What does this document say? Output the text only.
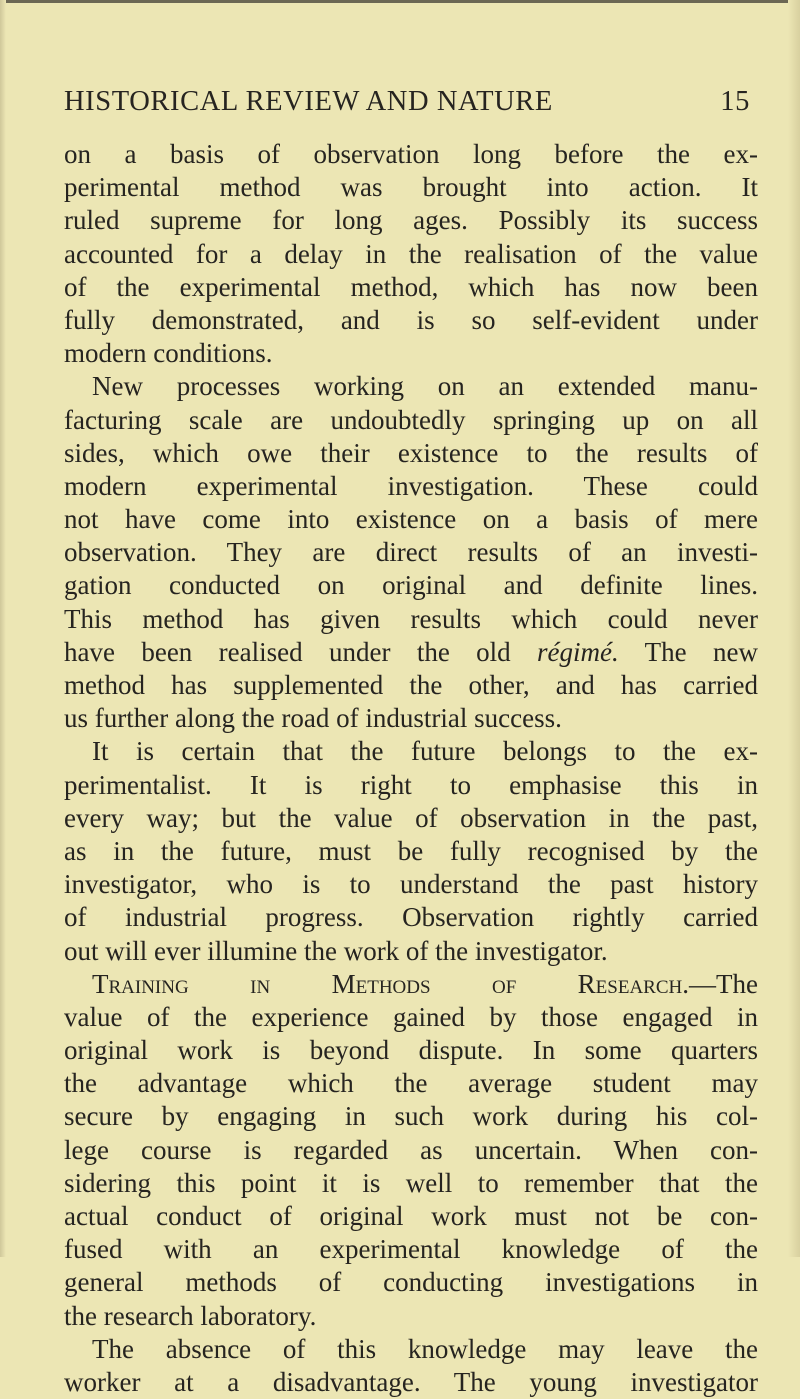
HISTORICAL REVIEW AND NATURE	15
on a basis of observation long before the ex-
perimental method was brought into action. It
ruled supreme for long ages. Possibly its success
accounted for a delay in the realisation of the value
of the experimental method, which has now been
fully demonstrated, and is so self-evident under
modern conditions.
New processes working on an extended manu-
facturing scale are undoubtedly springing up on all
sides, which owe their existence to the results of
modern experimental investigation. These could
not have come into existence on a basis of mere
observation. They are direct results of an investi-
gation conducted on original and definite lines.
This method has given results which could never
have been realised under the old régimé. The new
method has supplemented the other, and has carried
us further along the road of industrial success.
It is certain that the future belongs to the ex-
perimentalist. It is right to emphasise this in
every way; but the value of observation in the past,
as in the future, must be fully recognised by the
investigator, who is to understand the past history
of industrial progress. Observation rightly carried
out will ever illumine the work of the investigator.
Training in Methods of Research.—The
value of the experience gained by those engaged in
original work is beyond dispute. In some quarters
the advantage which the average student may
secure by engaging in such work during his col-
lege course is regarded as uncertain. When con-
sidering this point it is well to remember that the
actual conduct of original work must not be con-
fused with an experimental knowledge of the
general methods of conducting investigations in
the research laboratory.
The absence of this knowledge may leave the
worker at a disadvantage. The young investigator
